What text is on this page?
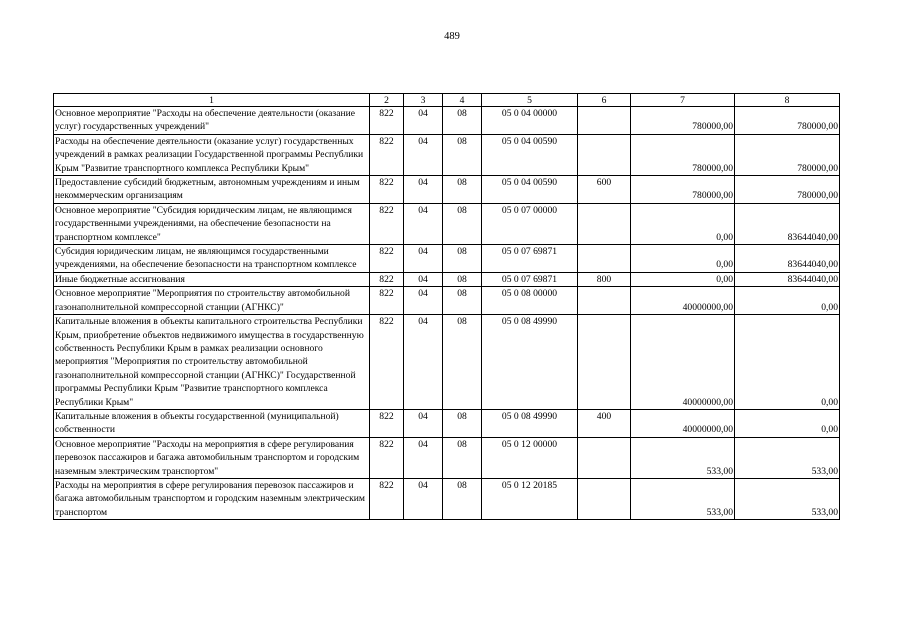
489
1	2	3	4	5	6	7	8
Основное мероприятие "Расходы на обеспечение деятельности (оказание услуг) государственных учреждений"	822	04	08	05 0 04 00000		780000,00	780000,00
Расходы на обеспечение деятельности (оказание услуг) государственных учреждений в рамках реализации Государственной программы Республики Крым "Развитие транспортного комплекса Республики Крым"	822	04	08	05 0 04 00590		780000,00	780000,00
Предоставление субсидий бюджетным, автономным учреждениям и иным некоммерческим организациям	822	04	08	05 0 04 00590	600	780000,00	780000,00
Основное мероприятие "Субсидия юридическим лицам, не являющимся государственными учреждениями, на обеспечение безопасности на транспортном комплексе"	822	04	08	05 0 07 00000		0,00	83644040,00
Субсидия юридическим лицам, не являющимся государственными учреждениями, на обеспечение безопасности на транспортном комплексе	822	04	08	05 0 07 69871		0,00	83644040,00
Иные бюджетные ассигнования	822	04	08	05 0 07 69871	800	0,00	83644040,00
Основное мероприятие "Мероприятия по строительству автомобильной газонаполнительной компрессорной станции (АГНКС)"	822	04	08	05 0 08 00000		40000000,00	0,00
Капитальные вложения в объекты капитального строительства Республики Крым, приобретение объектов недвижимого имущества в государственную собственность Республики Крым в рамках реализации основного мероприятия "Мероприятия по строительству автомобильной газонаполнительной компрессорной станции (АГНКС)" Государственной программы Республики Крым "Развитие транспортного комплекса Республики Крым"	822	04	08	05 0 08 49990		40000000,00	0,00
Капитальные вложения в объекты государственной (муниципальной) собственности	822	04	08	05 0 08 49990	400	40000000,00	0,00
Основное мероприятие "Расходы на мероприятия в сфере регулирования перевозок пассажиров и багажа автомобильным транспортом и городским наземным электрическим транспортом"	822	04	08	05 0 12 00000		533,00	533,00
Расходы на мероприятия в сфере регулирования перевозок пассажиров и багажа автомобильным транспортом и городским наземным электрическим транспортом	822	04	08	05 0 12 20185		533,00	533,00
